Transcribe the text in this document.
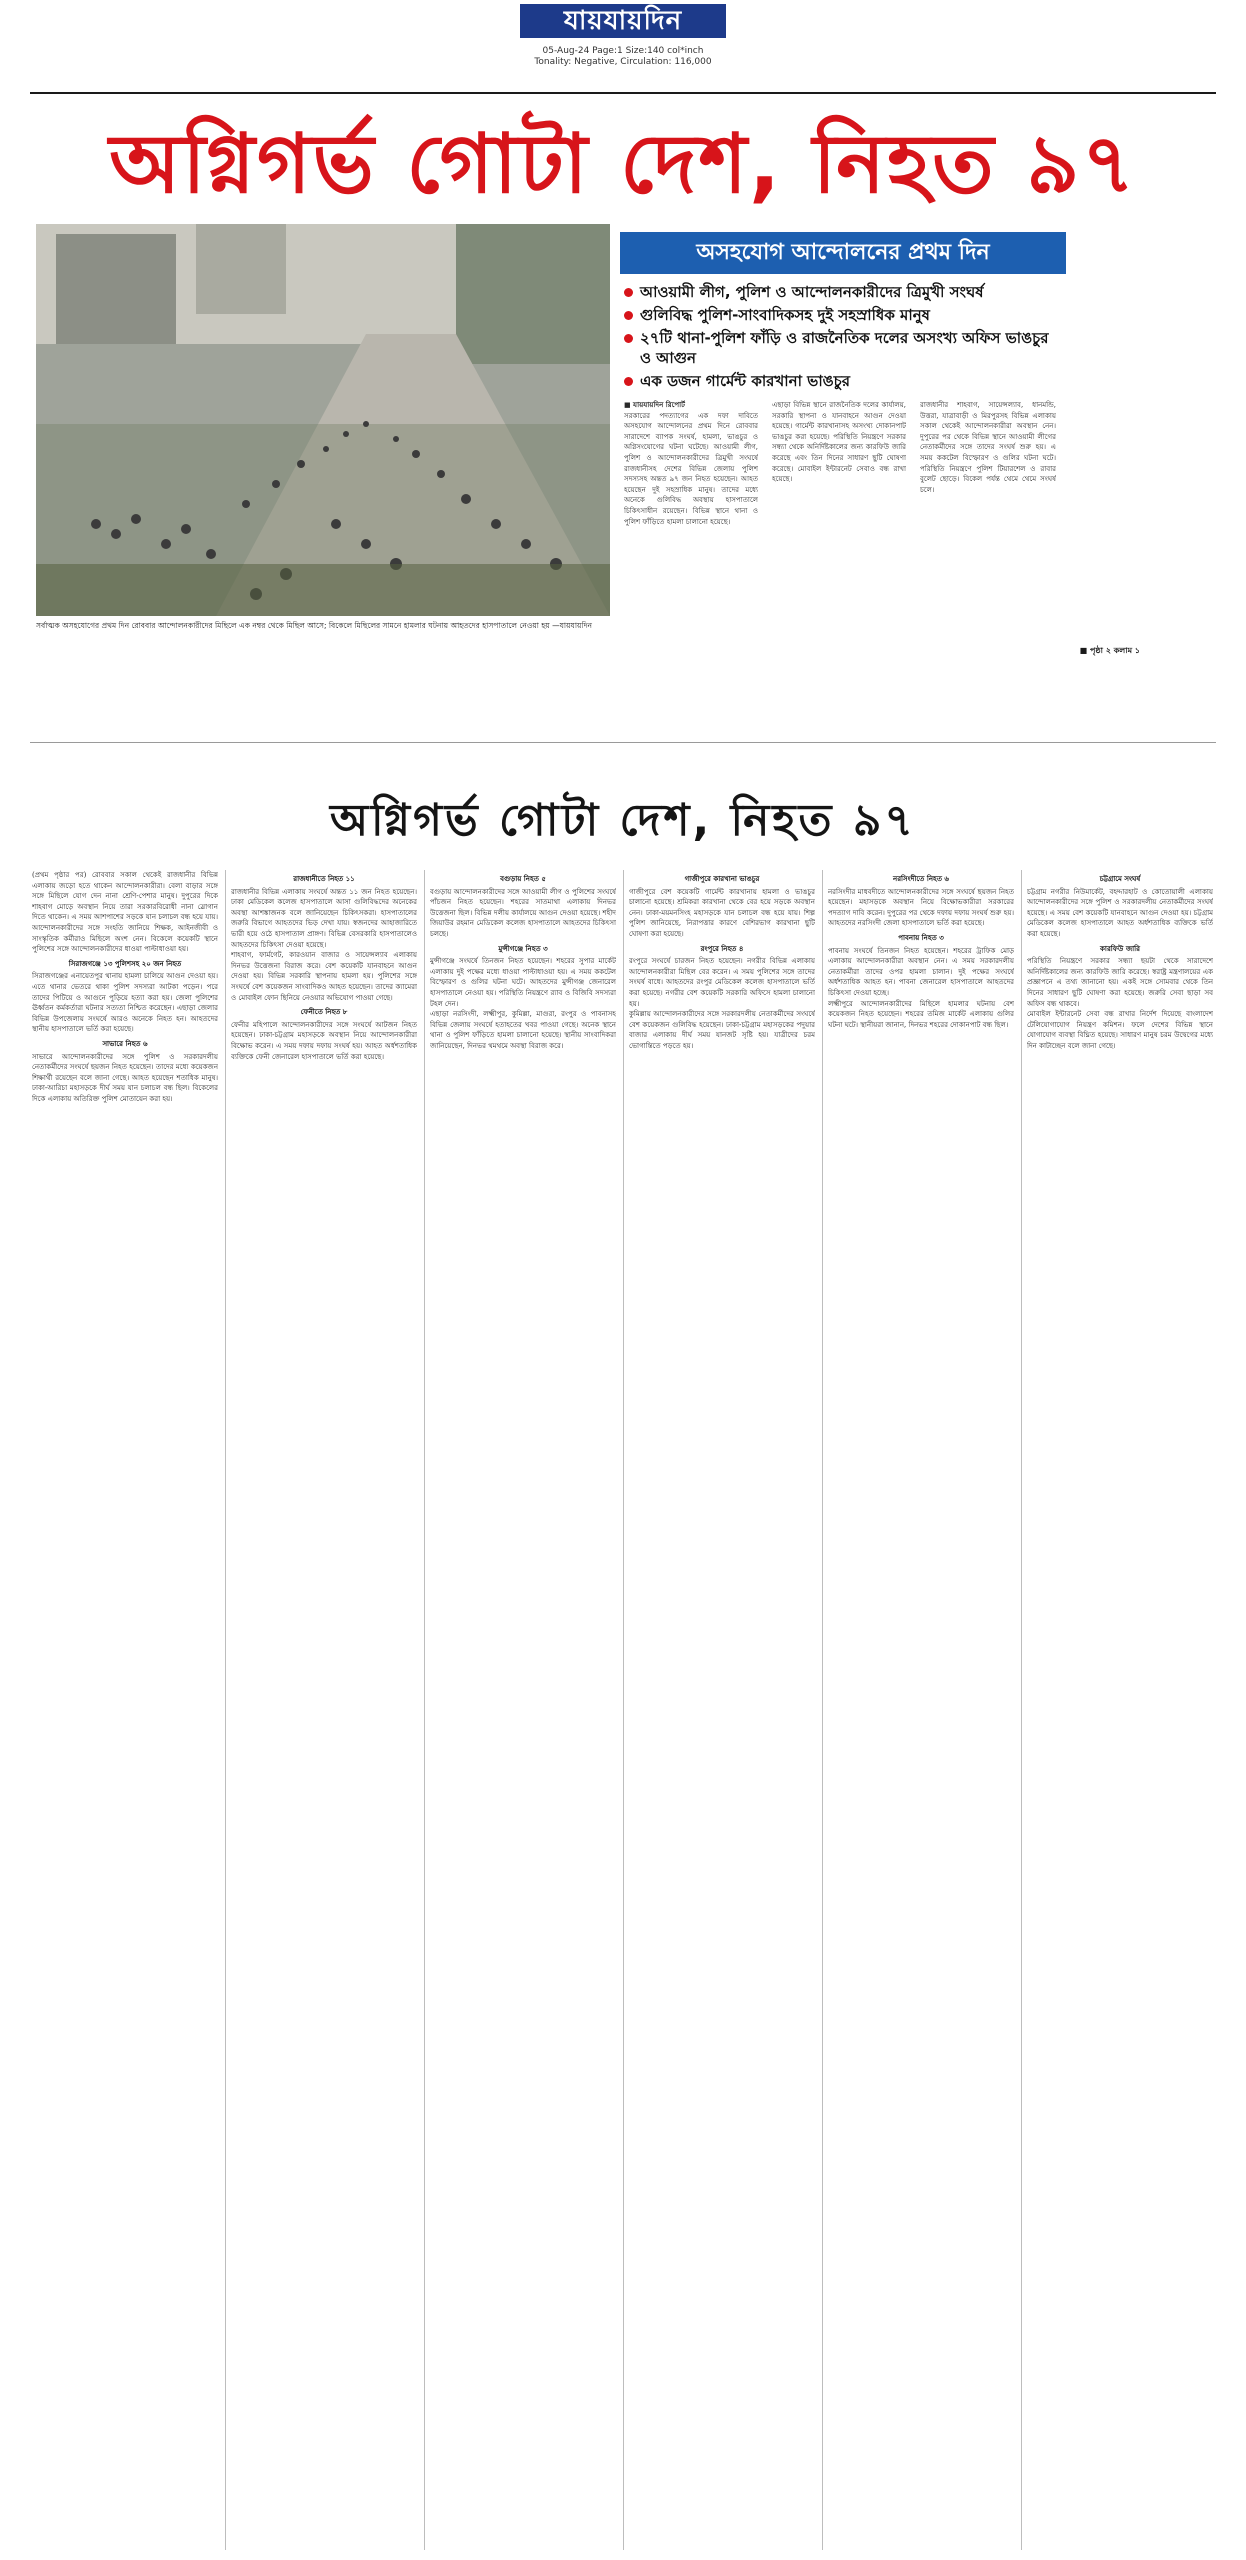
যায়যায়দিন
05-Aug-24 Page:1 Size:140 col*inch
Tonality: Negative, Circulation: 116,000
অগ্নিগর্ভ গোটা দেশ, নিহত ৯৭
সর্বাত্মক অসহযোগের প্রথম দিন রোববার আন্দোলনকারীদের মিছিলে এক নম্বর থেকে মিছিল আসে; বিকেলে মিছিলের সামনে হামলার ঘটনায় আহতদের হাসপাতালে নেওয়া হয় —যায়যায়দিন
অসহযোগ আন্দোলনের প্রথম দিন
আওয়ামী লীগ, পুলিশ ও আন্দোলনকারীদের ত্রিমুখী সংঘর্ষ
গুলিবিদ্ধ পুলিশ-সাংবাদিকসহ দুই সহস্রাধিক মানুষ
২৭টি থানা-পুলিশ ফাঁড়ি ও রাজনৈতিক দলের অসংখ্য অফিস ভাঙচুর ও আগুন
এক ডজন গার্মেন্ট কারখানা ভাঙচুর
■ যায়যায়দিন রিপোর্ট
সরকারের পদত্যাগের এক দফা দাবিতে অসহযোগ আন্দোলনের প্রথম দিনে রোববার সারাদেশে ব্যাপক সংঘর্ষ, হামলা, ভাঙচুর ও অগ্নিসংযোগের ঘটনা ঘটেছে। আওয়ামী লীগ, পুলিশ ও আন্দোলনকারীদের ত্রিমুখী সংঘর্ষে রাজধানীসহ দেশের বিভিন্ন জেলায় পুলিশ সদস্যসহ অন্তত ৯৭ জন নিহত হয়েছেন। আহত হয়েছেন দুই সহস্রাধিক মানুষ। তাদের মধ্যে অনেকে গুলিবিদ্ধ অবস্থায় হাসপাতালে চিকিৎসাধীন রয়েছেন। বিভিন্ন স্থানে থানা ও পুলিশ ফাঁড়িতে হামলা চালানো হয়েছে।
এছাড়া বিভিন্ন স্থানে রাজনৈতিক দলের কার্যালয়, সরকারি স্থাপনা ও যানবাহনে আগুন দেওয়া হয়েছে। গার্মেন্ট কারখানাসহ অসংখ্য দোকানপাট ভাঙচুর করা হয়েছে। পরিস্থিতি নিয়ন্ত্রণে সরকার সন্ধ্যা থেকে অনির্দিষ্টকালের জন্য কারফিউ জারি করেছে এবং তিন দিনের সাধারণ ছুটি ঘোষণা করেছে। মোবাইল ইন্টারনেট সেবাও বন্ধ রাখা হয়েছে।
রাজধানীর শাহবাগ, সায়েন্সল্যাব, ধানমন্ডি, উত্তরা, যাত্রাবাড়ী ও মিরপুরসহ বিভিন্ন এলাকায় সকাল থেকেই আন্দোলনকারীরা অবস্থান নেন। দুপুরের পর থেকে বিভিন্ন স্থানে আওয়ামী লীগের নেতাকর্মীদের সঙ্গে তাদের সংঘর্ষ শুরু হয়। এ সময় ককটেল বিস্ফোরণ ও গুলির ঘটনা ঘটে। পরিস্থিতি নিয়ন্ত্রণে পুলিশ টিয়ারশেল ও রাবার বুলেট ছোড়ে। বিকেল পর্যন্ত থেমে থেমে সংঘর্ষ চলে।
■ পৃষ্ঠা ২ কলাম ১
অগ্নিগর্ভ গোটা দেশ, নিহত ৯৭
(প্রথম পৃষ্ঠার পর) রোববার সকাল থেকেই রাজধানীর বিভিন্ন এলাকায় জড়ো হতে থাকেন আন্দোলনকারীরা। বেলা বাড়ার সঙ্গে সঙ্গে মিছিলে যোগ দেন নানা শ্রেণি-পেশার মানুষ। দুপুরের দিকে শাহবাগ মোড়ে অবস্থান নিয়ে তারা সরকারবিরোধী নানা স্লোগান দিতে থাকেন। এ সময় আশপাশের সড়কে যান চলাচল বন্ধ হয়ে যায়। আন্দোলনকারীদের সঙ্গে সংহতি জানিয়ে শিক্ষক, আইনজীবী ও সাংস্কৃতিক কর্মীরাও মিছিলে অংশ নেন। বিকেলে কয়েকটি স্থানে পুলিশের সঙ্গে আন্দোলনকারীদের ধাওয়া পাল্টাধাওয়া হয়।
সিরাজগঞ্জে ১৩ পুলিশসহ ২০ জন নিহত
সিরাজগঞ্জের এনায়েতপুর থানায় হামলা চালিয়ে আগুন দেওয়া হয়। এতে থানার ভেতরে থাকা পুলিশ সদস্যরা আটকা পড়েন। পরে তাদের পিটিয়ে ও আগুনে পুড়িয়ে হত্যা করা হয়। জেলা পুলিশের ঊর্ধ্বতন কর্মকর্তারা ঘটনার সত্যতা নিশ্চিত করেছেন। এছাড়া জেলার বিভিন্ন উপজেলায় সংঘর্ষে আরও অনেকে নিহত হন। আহতদের স্থানীয় হাসপাতালে ভর্তি করা হয়েছে।
সাভারে নিহত ৬
সাভারে আন্দোলনকারীদের সঙ্গে পুলিশ ও সরকারদলীয় নেতাকর্মীদের সংঘর্ষে ছয়জন নিহত হয়েছেন। তাদের মধ্যে কয়েকজন শিক্ষার্থী রয়েছেন বলে জানা গেছে। আহত হয়েছেন শতাধিক মানুষ। ঢাকা-আরিচা মহাসড়কে দীর্ঘ সময় যান চলাচল বন্ধ ছিল। বিকেলের দিকে এলাকায় অতিরিক্ত পুলিশ মোতায়েন করা হয়।
রাজধানীতে নিহত ১১
রাজধানীর বিভিন্ন এলাকায় সংঘর্ষে অন্তত ১১ জন নিহত হয়েছেন। ঢাকা মেডিকেল কলেজ হাসপাতালে আসা গুলিবিদ্ধদের অনেকের অবস্থা আশঙ্কাজনক বলে জানিয়েছেন চিকিৎসকরা। হাসপাতালের জরুরি বিভাগে আহতদের ভিড় দেখা যায়। স্বজনদের আহাজারিতে ভারী হয়ে ওঠে হাসপাতাল প্রাঙ্গণ। বিভিন্ন বেসরকারি হাসপাতালেও আহতদের চিকিৎসা দেওয়া হয়েছে।
শাহবাগ, ফার্মগেট, কারওয়ান বাজার ও সায়েন্সল্যাব এলাকায় দিনভর উত্তেজনা বিরাজ করে। বেশ কয়েকটি যানবাহনে আগুন দেওয়া হয়। বিভিন্ন সরকারি স্থাপনায় হামলা হয়। পুলিশের সঙ্গে সংঘর্ষে বেশ কয়েকজন সাংবাদিকও আহত হয়েছেন। তাদের ক্যামেরা ও মোবাইল ফোন ছিনিয়ে নেওয়ার অভিযোগ পাওয়া গেছে।
ফেনীতে নিহত ৮
ফেনীর মহিপালে আন্দোলনকারীদের সঙ্গে সংঘর্ষে আটজন নিহত হয়েছেন। ঢাকা-চট্টগ্রাম মহাসড়কে অবস্থান নিয়ে আন্দোলনকারীরা বিক্ষোভ করেন। এ সময় দফায় দফায় সংঘর্ষ হয়। আহত অর্ধশতাধিক ব্যক্তিকে ফেনী জেনারেল হাসপাতালে ভর্তি করা হয়েছে।
বগুড়ায় নিহত ৫
বগুড়ায় আন্দোলনকারীদের সঙ্গে আওয়ামী লীগ ও পুলিশের সংঘর্ষে পাঁচজন নিহত হয়েছেন। শহরের সাতমাথা এলাকায় দিনভর উত্তেজনা ছিল। বিভিন্ন দলীয় কার্যালয়ে আগুন দেওয়া হয়েছে। শহীদ জিয়াউর রহমান মেডিকেল কলেজ হাসপাতালে আহতদের চিকিৎসা চলছে।
মুন্সীগঞ্জে নিহত ৩
মুন্সীগঞ্জে সংঘর্ষে তিনজন নিহত হয়েছেন। শহরের সুপার মার্কেট এলাকায় দুই পক্ষের মধ্যে ধাওয়া পাল্টাধাওয়া হয়। এ সময় ককটেল বিস্ফোরণ ও গুলির ঘটনা ঘটে। আহতদের মুন্সীগঞ্জ জেনারেল হাসপাতালে নেওয়া হয়। পরিস্থিতি নিয়ন্ত্রণে র‍্যাব ও বিজিবি সদস্যরা টহল দেন।
এছাড়া নরসিংদী, লক্ষ্মীপুর, কুমিল্লা, মাগুরা, রংপুর ও পাবনাসহ বিভিন্ন জেলায় সংঘর্ষে হতাহতের খবর পাওয়া গেছে। অনেক স্থানে থানা ও পুলিশ ফাঁড়িতে হামলা চালানো হয়েছে। স্থানীয় সাংবাদিকরা জানিয়েছেন, দিনভর থমথমে অবস্থা বিরাজ করে।
গাজীপুরে কারখানা ভাঙচুর
গাজীপুরে বেশ কয়েকটি গার্মেন্ট কারখানায় হামলা ও ভাঙচুর চালানো হয়েছে। শ্রমিকরা কারখানা থেকে বের হয়ে সড়কে অবস্থান নেন। ঢাকা-ময়মনসিংহ মহাসড়কে যান চলাচল বন্ধ হয়ে যায়। শিল্প পুলিশ জানিয়েছে, নিরাপত্তার কারণে বেশিরভাগ কারখানা ছুটি ঘোষণা করা হয়েছে।
রংপুরে নিহত ৪
রংপুরে সংঘর্ষে চারজন নিহত হয়েছেন। নগরীর বিভিন্ন এলাকায় আন্দোলনকারীরা মিছিল বের করেন। এ সময় পুলিশের সঙ্গে তাদের সংঘর্ষ বাধে। আহতদের রংপুর মেডিকেল কলেজ হাসপাতালে ভর্তি করা হয়েছে। নগরীর বেশ কয়েকটি সরকারি অফিসে হামলা চালানো হয়।
কুমিল্লায় আন্দোলনকারীদের সঙ্গে সরকারদলীয় নেতাকর্মীদের সংঘর্ষে বেশ কয়েকজন গুলিবিদ্ধ হয়েছেন। ঢাকা-চট্টগ্রাম মহাসড়কের পদুয়ার বাজার এলাকায় দীর্ঘ সময় যানজট সৃষ্টি হয়। যাত্রীদের চরম ভোগান্তিতে পড়তে হয়।
নরসিংদীতে নিহত ৬
নরসিংদীর মাধবদীতে আন্দোলনকারীদের সঙ্গে সংঘর্ষে ছয়জন নিহত হয়েছেন। মহাসড়কে অবস্থান নিয়ে বিক্ষোভকারীরা সরকারের পদত্যাগ দাবি করেন। দুপুরের পর থেকে দফায় দফায় সংঘর্ষ শুরু হয়। আহতদের নরসিংদী জেলা হাসপাতালে ভর্তি করা হয়েছে।
পাবনায় নিহত ৩
পাবনায় সংঘর্ষে তিনজন নিহত হয়েছেন। শহরের ট্রাফিক মোড় এলাকায় আন্দোলনকারীরা অবস্থান নেন। এ সময় সরকারদলীয় নেতাকর্মীরা তাদের ওপর হামলা চালান। দুই পক্ষের সংঘর্ষে অর্ধশতাধিক আহত হন। পাবনা জেনারেল হাসপাতালে আহতদের চিকিৎসা দেওয়া হচ্ছে।
লক্ষ্মীপুরে আন্দোলনকারীদের মিছিলে হামলার ঘটনায় বেশ কয়েকজন নিহত হয়েছেন। শহরের তমিজ মার্কেট এলাকায় গুলির ঘটনা ঘটে। স্থানীয়রা জানান, দিনভর শহরের দোকানপাট বন্ধ ছিল।
চট্টগ্রামে সংঘর্ষ
চট্টগ্রাম নগরীর নিউমার্কেট, বহদ্দারহাট ও কোতোয়ালী এলাকায় আন্দোলনকারীদের সঙ্গে পুলিশ ও সরকারদলীয় নেতাকর্মীদের সংঘর্ষ হয়েছে। এ সময় বেশ কয়েকটি যানবাহনে আগুন দেওয়া হয়। চট্টগ্রাম মেডিকেল কলেজ হাসপাতালে আহত অর্ধশতাধিক ব্যক্তিকে ভর্তি করা হয়েছে।
কারফিউ জারি
পরিস্থিতি নিয়ন্ত্রণে সরকার সন্ধ্যা ছয়টা থেকে সারাদেশে অনির্দিষ্টকালের জন্য কারফিউ জারি করেছে। স্বরাষ্ট্র মন্ত্রণালয়ের এক প্রজ্ঞাপনে এ তথ্য জানানো হয়। একই সঙ্গে সোমবার থেকে তিন দিনের সাধারণ ছুটি ঘোষণা করা হয়েছে। জরুরি সেবা ছাড়া সব অফিস বন্ধ থাকবে।
মোবাইল ইন্টারনেট সেবা বন্ধ রাখার নির্দেশ দিয়েছে বাংলাদেশ টেলিযোগাযোগ নিয়ন্ত্রণ কমিশন। ফলে দেশের বিভিন্ন স্থানে যোগাযোগ ব্যবস্থা বিঘ্নিত হয়েছে। সাধারণ মানুষ চরম উদ্বেগের মধ্যে দিন কাটাচ্ছেন বলে জানা গেছে।
